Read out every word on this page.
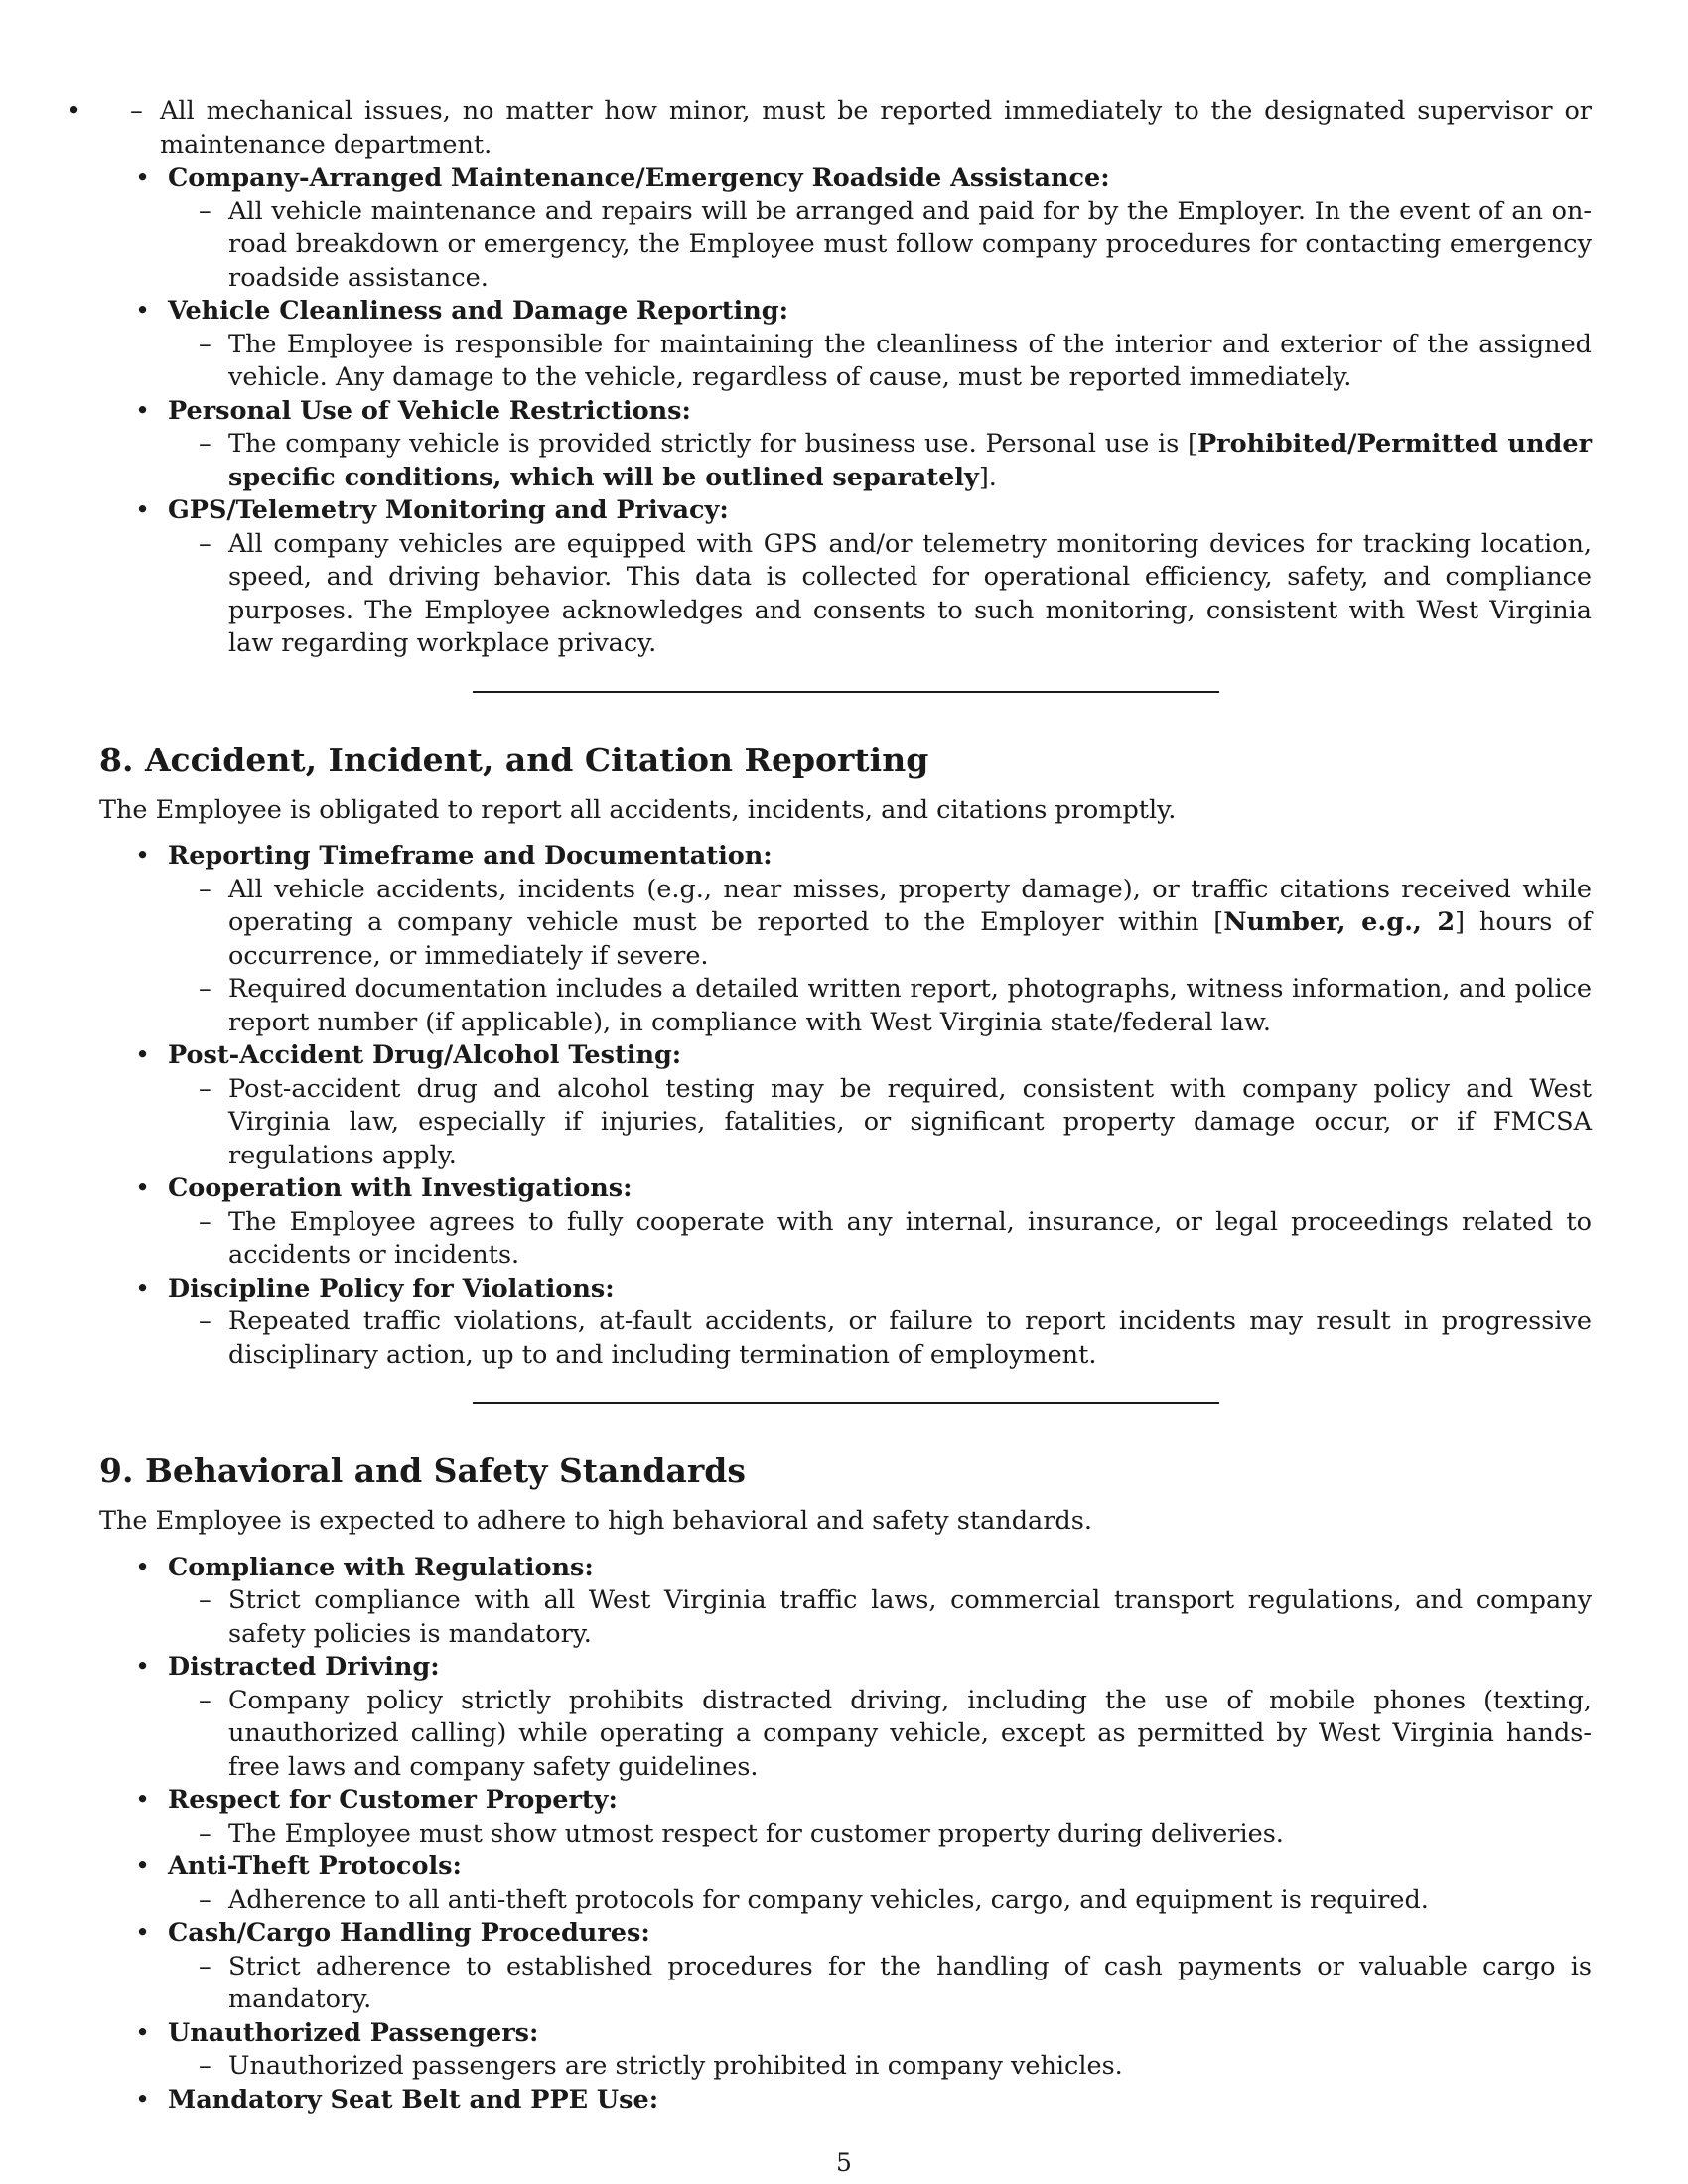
– • All mechanical issues, no matter how minor, must be reported immediately to the designated supervisor or maintenance department.
• Company-Arranged Maintenance/Emergency Roadside Assistance:
– All vehicle maintenance and repairs will be arranged and paid for by the Employer. In the event of an on-road breakdown or emergency, the Employee must follow company procedures for contacting emergency roadside assistance.
• Vehicle Cleanliness and Damage Reporting:
– The Employee is responsible for maintaining the cleanliness of the interior and exterior of the assigned vehicle. Any damage to the vehicle, regardless of cause, must be reported immediately.
• Personal Use of Vehicle Restrictions:
– The company vehicle is provided strictly for business use. Personal use is [Prohibited/Permitted under specific conditions, which will be outlined separately].
• GPS/Telemetry Monitoring and Privacy:
– All company vehicles are equipped with GPS and/or telemetry monitoring devices for tracking location, speed, and driving behavior. This data is collected for operational efficiency, safety, and compliance purposes. The Employee acknowledges and consents to such monitoring, consistent with West Virginia law regarding workplace privacy.
8. Accident, Incident, and Citation Reporting

The Employee is obligated to report all accidents, incidents, and citations promptly.

• Reporting Timeframe and Documentation:
– All vehicle accidents, incidents (e.g., near misses, property damage), or traffic citations received while operating a company vehicle must be reported to the Employer within [Number, e.g., 2] hours of occurrence, or immediately if severe.
– Required documentation includes a detailed written report, photographs, witness information, and police report number (if applicable), in compliance with West Virginia state/federal law.
• Post-Accident Drug/Alcohol Testing:
– Post-accident drug and alcohol testing may be required, consistent with company policy and West Virginia law, especially if injuries, fatalities, or significant property damage occur, or if FMCSA regulations apply.
• Cooperation with Investigations:
– The Employee agrees to fully cooperate with any internal, insurance, or legal proceedings related to accidents or incidents.
• Discipline Policy for Violations:
– Repeated traffic violations, at-fault accidents, or failure to report incidents may result in progressive disciplinary action, up to and including termination of employment.
9. Behavioral and Safety Standards

The Employee is expected to adhere to high behavioral and safety standards.

• Compliance with Regulations:
– Strict compliance with all West Virginia traffic laws, commercial transport regulations, and company safety policies is mandatory.
• Distracted Driving:
– Company policy strictly prohibits distracted driving, including the use of mobile phones (texting, unauthorized calling) while operating a company vehicle, except as permitted by West Virginia hands-free laws and company safety guidelines.
• Respect for Customer Property:
– The Employee must show utmost respect for customer property during deliveries.
• Anti-Theft Protocols:
– Adherence to all anti-theft protocols for company vehicles, cargo, and equipment is required.
• Cash/Cargo Handling Procedures:
– Strict adherence to established procedures for the handling of cash payments or valuable cargo is mandatory.
• Unauthorized Passengers:
– Unauthorized passengers are strictly prohibited in company vehicles.
• Mandatory Seat Belt and PPE Use:
5
